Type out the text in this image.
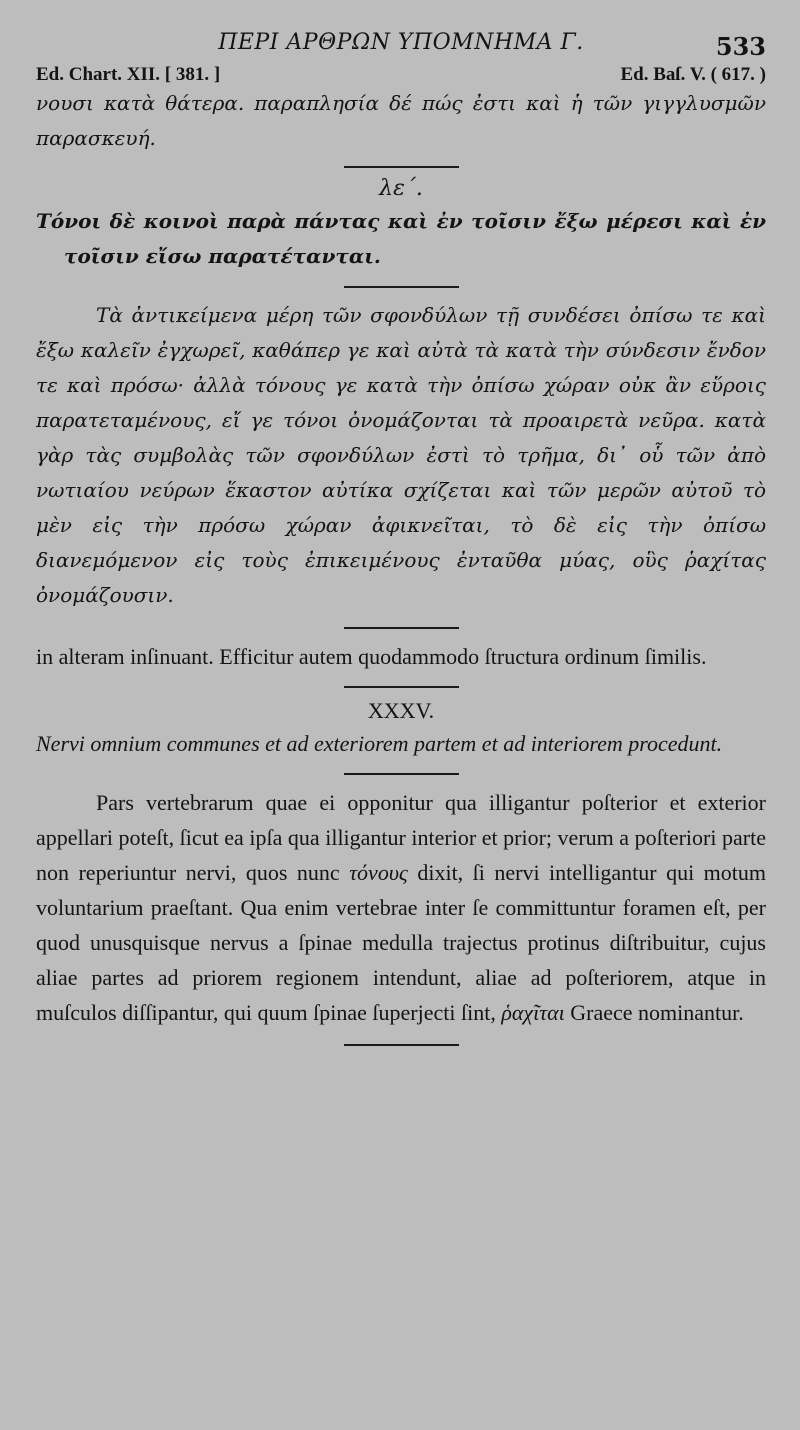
ΠΕΡΙ ΑΡΘΡΩΝ ΥΠΟΜΝΗΜΑ Γ.	533
Ed. Chart. XII. [ 381. ]	Ed. Baſ. V. ( 617. )

νουσι κατὰ θάτερα. παραπλησία δέ πώς ἐστι καὶ ἡ τῶν γιγγλυσμῶν παρασκευή.

λε΄.

Τόνοι δὲ κοινοὶ παρὰ πάντας καὶ ἐν τοῖσιν ἔξω μέρεσι καὶ ἐν τοῖσιν εἴσω παρατέτανται.

Τὰ ἀντικείμενα μέρη τῶν σφονδύλων τῇ συνδέσει ὀπίσω τε καὶ ἔξω καλεῖν ἐγχωρεῖ, καθάπερ γε καὶ αὐτὰ τὰ κατὰ τὴν σύνδεσιν ἔνδον τε καὶ πρόσω· ἀλλὰ τόνους γε κατὰ τὴν ὀπίσω χώραν οὐκ ἂν εὕροις παρατεταμένους, εἴ γε τόνοι ὀνομάζονται τὰ προαιρετὰ νεῦρα. κατὰ γὰρ τὰς συμβολὰς τῶν σφονδύλων ἐστὶ τὸ τρῆμα, δι᾽ οὗ τῶν ἀπὸ νωτιαίου νεύρων ἕκαστον αὐτίκα σχίζεται καὶ τῶν μερῶν αὐτοῦ τὸ μὲν εἰς τὴν πρόσω χώραν ἀφικνεῖται, τὸ δὲ εἰς τὴν ὀπίσω διανεμόμενον εἰς τοὺς ἐπικειμένους ἐνταῦθα μύας, οὓς ῥαχίτας ὀνομάζουσιν.

in alteram inſinuant. Efficitur autem quodammodo ſtructura ordinum ſimilis.

XXXV.

Nervi omnium communes et ad exteriorem partem et ad interiorem procedunt.

Pars vertebrarum quae ei opponitur qua illigantur poſterior et exterior appellari poteſt, ſicut ea ipſa qua illigantur interior et prior; verum a poſteriori parte non reperiuntur nervi, quos nunc τόνους dixit, ſi nervi intelligantur qui motum voluntarium praeſtant. Qua enim vertebrae inter ſe committuntur foramen eſt, per quod unusquisque nervus a ſpinae medulla trajectus protinus diſtribuitur, cujus aliae partes ad priorem regionem intendunt, aliae ad poſteriorem, atque in muſculos diſſipantur, qui quum ſpinae ſuperjecti ſint, ῥαχῖται Graece nominantur.
